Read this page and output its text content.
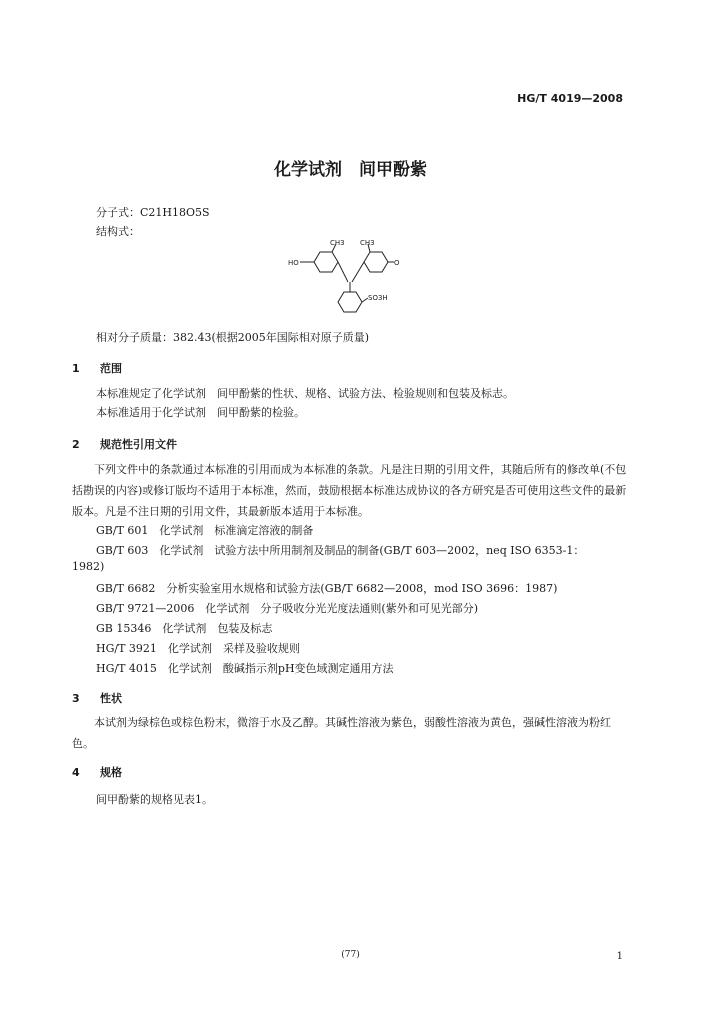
HG/T 4019—2008
化学试剂　间甲酚紫
分子式：C21H18O5S
结构式：
HO
CH3 CH3
O
SO3H
相对分子质量：382.43(根据2005年国际相对原子质量)
1 范围
本标准规定了化学试剂　间甲酚紫的性状、规格、试验方法、检验规则和包装及标志。
本标准适用于化学试剂　间甲酚紫的检验。
2 规范性引用文件
下列文件中的条款通过本标准的引用而成为本标准的条款。凡是注日期的引用文件，其随后所有的修改单(不包括勘误的内容)或修订版均不适用于本标准，然而，鼓励根据本标准达成协议的各方研究是否可使用这些文件的最新版本。凡是不注日期的引用文件，其最新版本适用于本标准。
GB/T 601　化学试剂　标准滴定溶液的制备
GB/T 603　化学试剂　试验方法中所用制剂及制品的制备(GB/T 603—2002，neq ISO 6353-1：
1982)
GB/T 6682　分析实验室用水规格和试验方法(GB/T 6682—2008，mod ISO 3696：1987)
GB/T 9721—2006　化学试剂　分子吸收分光光度法通则(紫外和可见光部分)
GB 15346　化学试剂　包装及标志
HG/T 3921　化学试剂　采样及验收规则
HG/T 4015　化学试剂　酸碱指示剂pH变色域测定通用方法
3 性状
本试剂为绿棕色或棕色粉末，微溶于水及乙醇。其碱性溶液为紫色，弱酸性溶液为黄色，强碱性溶液为粉红色。
4 规格
间甲酚紫的规格见表1。
(77)	1
